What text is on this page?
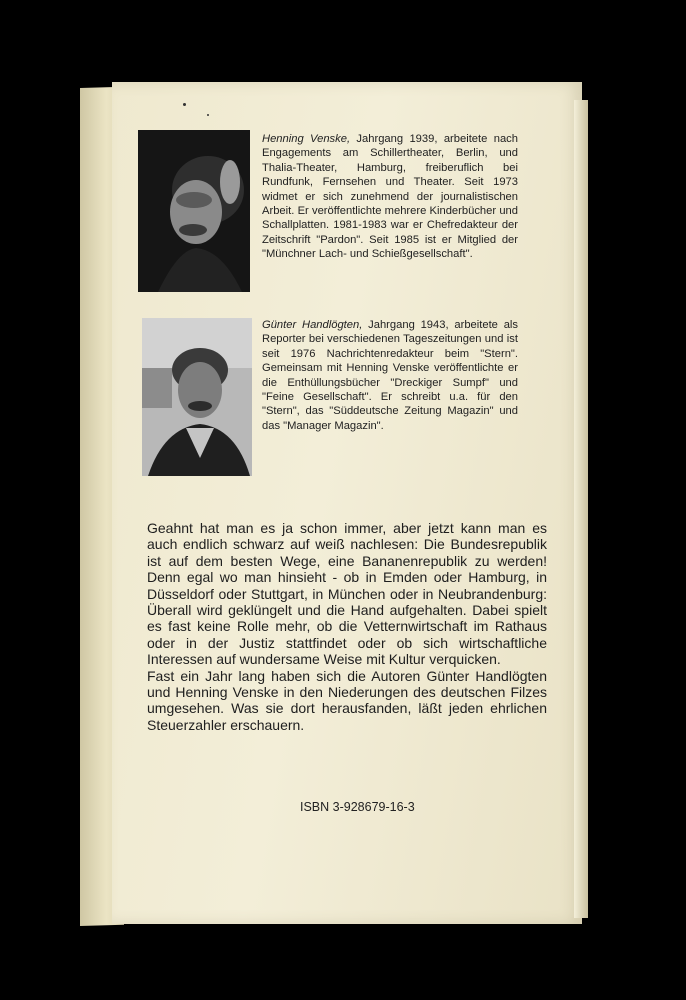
Henning Venske, Jahrgang 1939, arbeitete nach Engagements am Schillertheater, Berlin, und Thalia-Theater, Hamburg, freiberuflich bei Rundfunk, Fernsehen und Theater. Seit 1973 widmet er sich zunehmend der journalistischen Arbeit. Er veröffentlichte mehrere Kinderbücher und Schallplatten. 1981-1983 war er Chefredakteur der Zeitschrift "Pardon". Seit 1985 ist er Mitglied der "Münchner Lach- und Schießgesellschaft".
Günter Handlögten, Jahrgang 1943, arbeitete als Reporter bei verschiedenen Tageszeitungen und ist seit 1976 Nachrichtenredakteur beim "Stern". Gemeinsam mit Henning Venske veröffentlichte er die Enthüllungsbücher "Dreckiger Sumpf" und "Feine Gesellschaft". Er schreibt u.a. für den "Stern", das "Süddeutsche Zeitung Magazin" und das "Manager Magazin".

Geahnt hat man es ja schon immer, aber jetzt kann man es auch endlich schwarz auf weiß nachlesen: Die Bundesrepublik ist auf dem besten Wege, eine Bananenrepublik zu werden! Denn egal wo man hinsieht - ob in Emden oder Hamburg, in Düsseldorf oder Stuttgart, in München oder in Neubrandenburg: Überall wird geklüngelt und die Hand aufgehalten. Dabei spielt es fast keine Rolle mehr, ob die Vetternwirtschaft im Rathaus oder in der Justiz stattfindet oder ob sich wirtschaftliche Interessen auf wundersame Weise mit Kultur verquicken.

Fast ein Jahr lang haben sich die Autoren Günter Handlögten und Henning Venske in den Niederungen des deutschen Filzes umgesehen. Was sie dort herausfanden, läßt jeden ehrlichen Steuerzahler erschauern.

ISBN 3-928679-16-3
